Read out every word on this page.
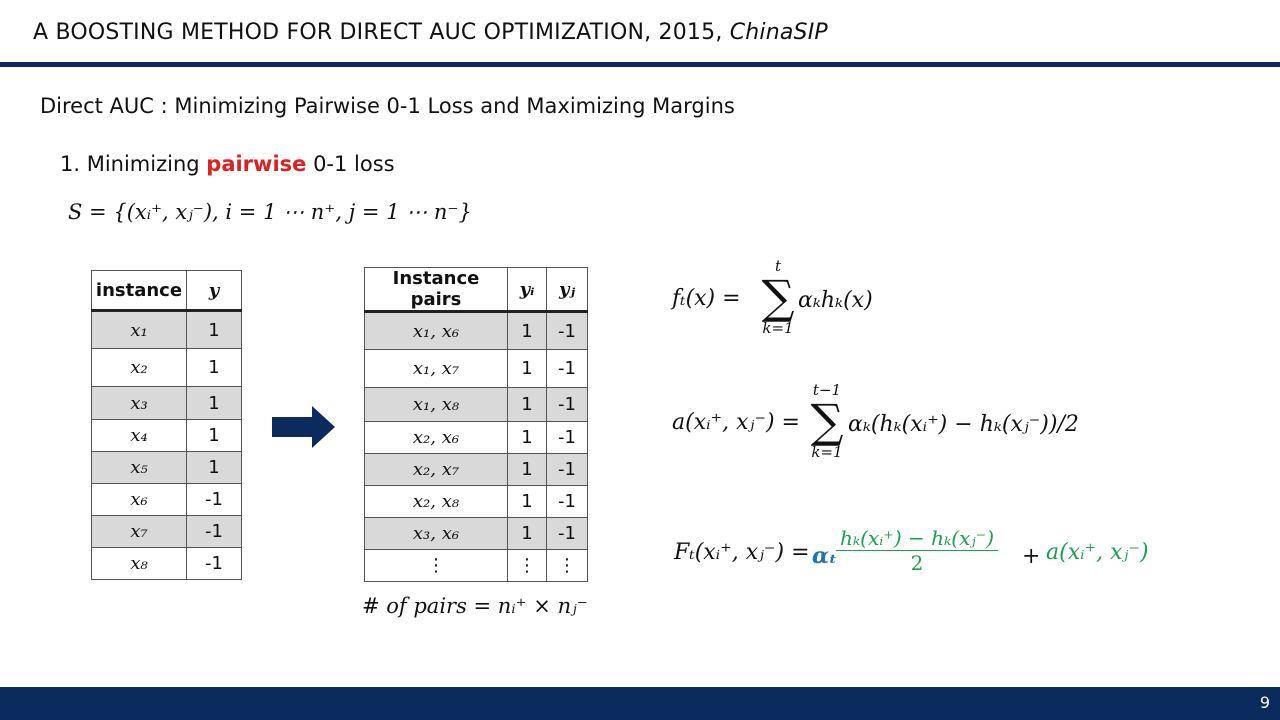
A BOOSTING METHOD FOR DIRECT AUC OPTIMIZATION, 2015, ChinaSIP
Direct AUC : Minimizing Pairwise 0-1 Loss and Maximizing Margins
1. Minimizing pairwise 0-1 loss
S = {(xᵢ⁺, xⱼ⁻), i = 1 ⋯ n⁺, j = 1 ⋯ n⁻}
instance	y
x₁	1
x₂	1
x₃	1
x₄	1
x₅	1
x₆	-1
x₇	-1
x₈	-1
Instance pairs	yᵢ	yⱼ
x₁, x₆	1	-1
x₁, x₇	1	-1
x₁, x₈	1	-1
x₂, x₆	1	-1
x₂, x₇	1	-1
x₂, x₈	1	-1
x₃, x₆	1	-1
⋮	⋮	⋮
# of pairs = nᵢ⁺ × nⱼ⁻
fₜ(x) =
t
∑
k=1
αₖhₖ(x)
a(xᵢ⁺, xⱼ⁻) =
t−1
∑
k=1
αₖ(hₖ(xᵢ⁺) − hₖ(xⱼ⁻))/2
Fₜ(xᵢ⁺, xⱼ⁻) = αₜ
$\frac{\text{hₖ(xᵢ⁺) − hₖ(xⱼ⁻)}}{2}$ + a(xᵢ⁺, xⱼ⁻)
9
